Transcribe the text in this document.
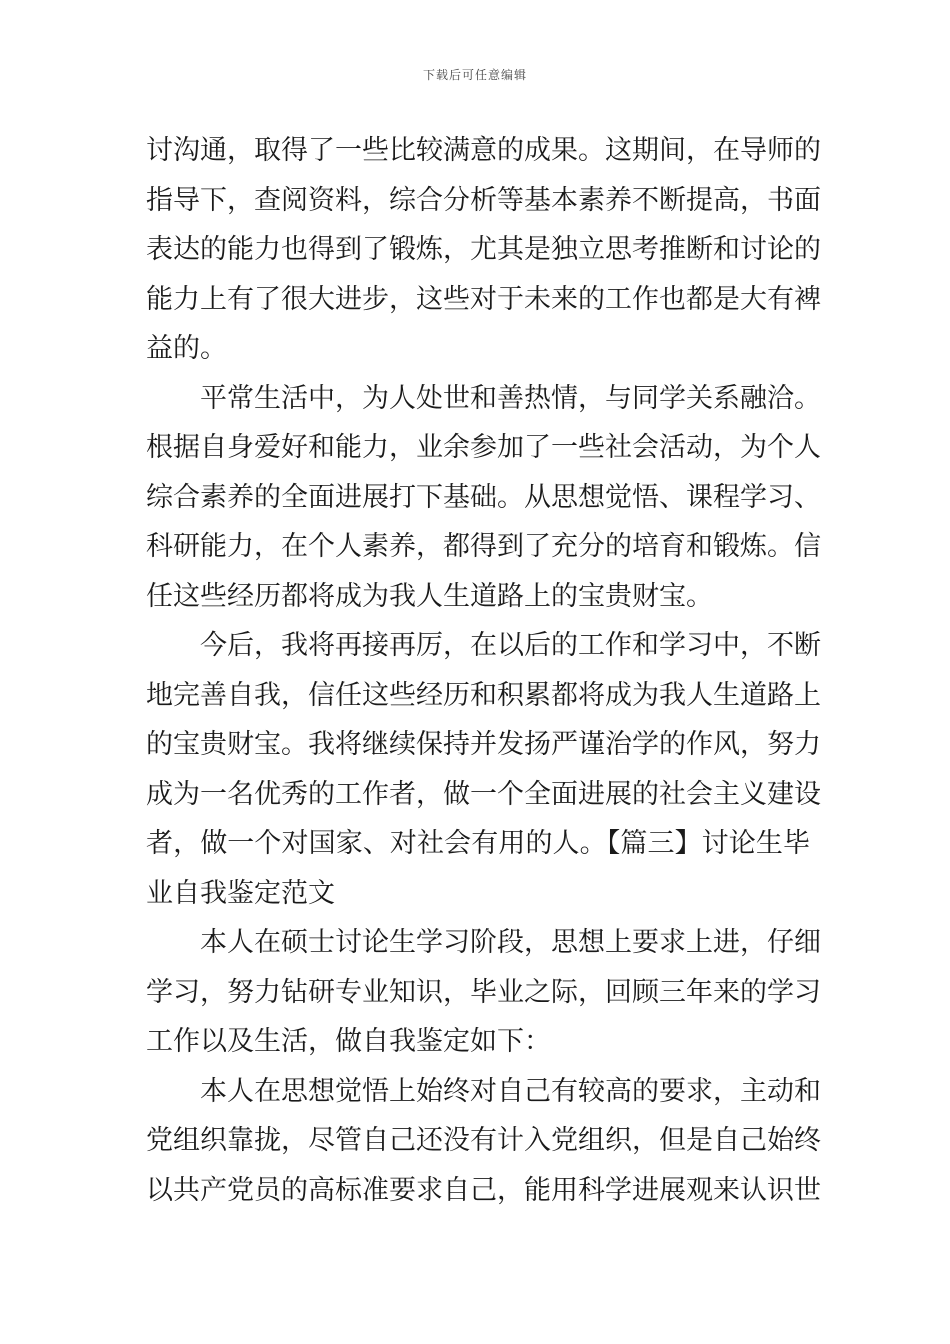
下载后可任意编辑
讨沟通，取得了一些比较满意的成果。这期间，在导师的
指导下，查阅资料，综合分析等基本素养不断提高，书面
表达的能力也得到了锻炼，尤其是独立思考推断和讨论的
能力上有了很大进步，这些对于未来的工作也都是大有裨
益的。
平常生活中，为人处世和善热情，与同学关系融洽。
根据自身爱好和能力，业余参加了一些社会活动，为个人
综合素养的全面进展打下基础。从思想觉悟、课程学习、
科研能力，在个人素养，都得到了充分的培育和锻炼。信
任这些经历都将成为我人生道路上的宝贵财宝。
今后，我将再接再厉，在以后的工作和学习中，不断
地完善自我，信任这些经历和积累都将成为我人生道路上
的宝贵财宝。我将继续保持并发扬严谨治学的作风，努力
成为一名优秀的工作者，做一个全面进展的社会主义建设
者，做一个对国家、对社会有用的人。【篇三】讨论生毕
业自我鉴定范文
本人在硕士讨论生学习阶段，思想上要求上进，仔细
学习，努力钻研专业知识，毕业之际，回顾三年来的学习
工作以及生活，做自我鉴定如下：
本人在思想觉悟上始终对自己有较高的要求，主动和
党组织靠拢，尽管自己还没有计入党组织，但是自己始终
以共产党员的高标准要求自己，能用科学进展观来认识世
